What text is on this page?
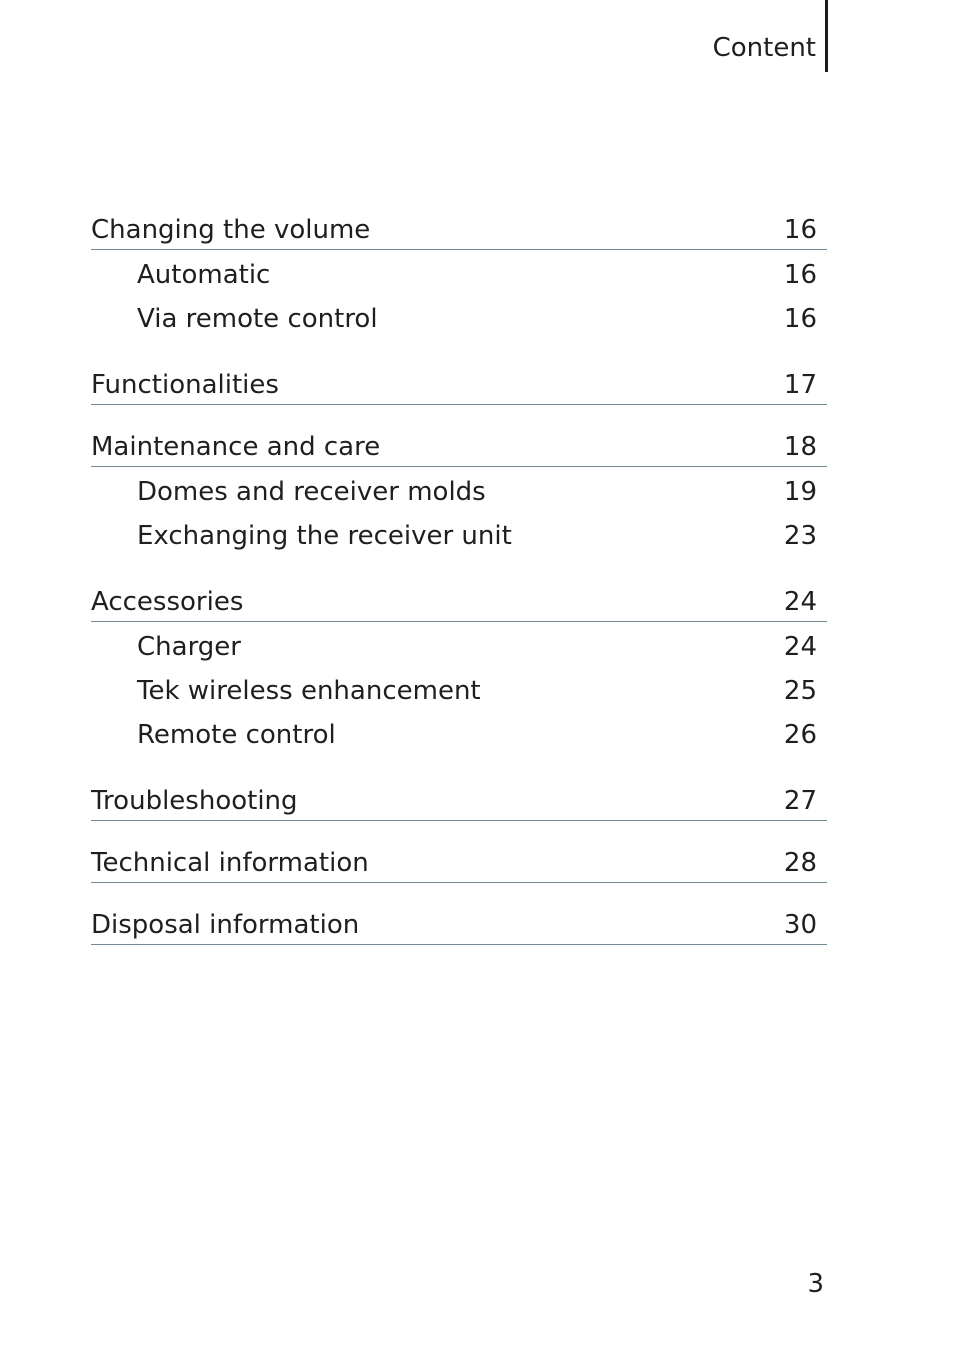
Content
Changing the volume	16
Automatic	16
Via remote control	16
Functionalities	17
Maintenance and care	18
Domes and receiver molds	19
Exchanging the receiver unit	23
Accessories	24
Charger	24
Tek wireless enhancement	25
Remote control	26
Troubleshooting	27
Technical information	28
Disposal information	30
3
